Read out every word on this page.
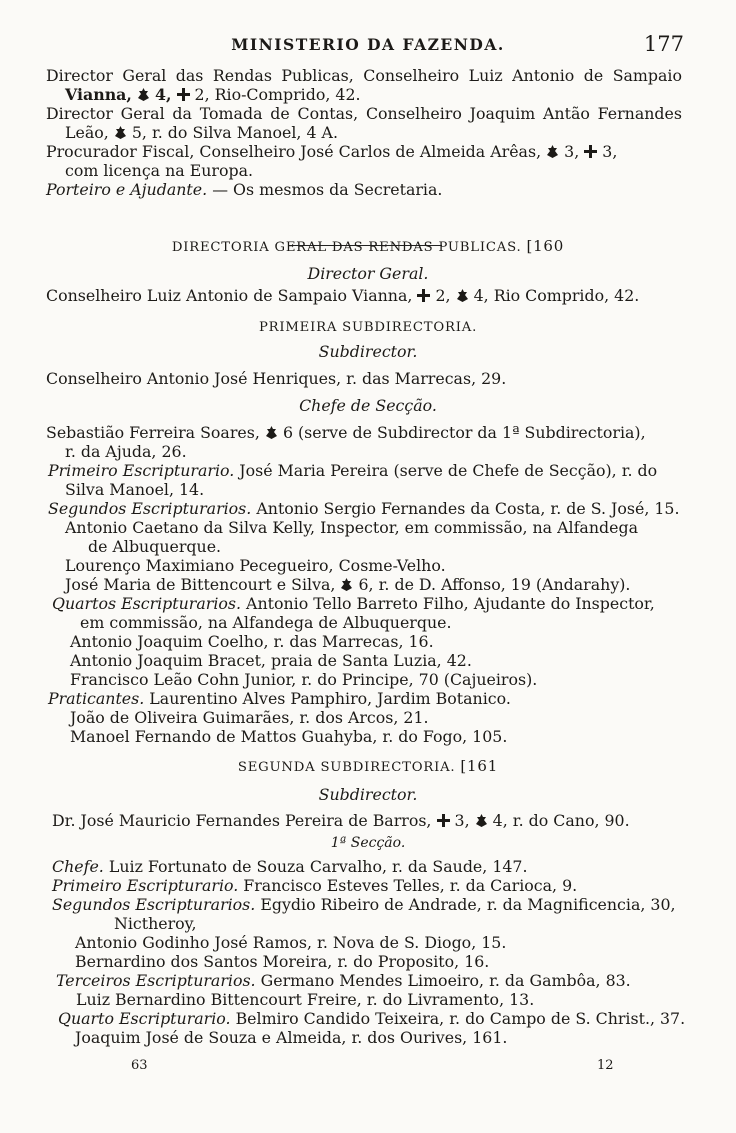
MINISTERIO DA FAZENDA.	177
Director Geral das Rendas Publicas, Conselheiro Luiz Antonio de Sampaio
Vianna, 4, 2, Rio-Comprido, 42.
Director Geral da Tomada de Contas, Conselheiro Joaquim Antão Fernandes
Leão, 5, r. do Silva Manoel, 4 A.
Procurador Fiscal, Conselheiro José Carlos de Almeida Arêas, 3, 3,
com licença na Europa.
Porteiro e Ajudante. — Os mesmos da Secretaria.
DIRECTORIA GERAL DAS RENDAS PUBLICAS. [160
Director Geral.
Conselheiro Luiz Antonio de Sampaio Vianna, 2, 4, Rio Comprido, 42.
PRIMEIRA SUBDIRECTORIA.
Subdirector.
Conselheiro Antonio José Henriques, r. das Marrecas, 29.
Chefe de Secção.
Sebastião Ferreira Soares, 6 (serve de Subdirector da 1ª Subdirectoria),
r. da Ajuda, 26.
Primeiro Escripturario. José Maria Pereira (serve de Chefe de Secção), r. do
Silva Manoel, 14.
Segundos Escripturarios. Antonio Sergio Fernandes da Costa, r. de S. José, 15.
Antonio Caetano da Silva Kelly, Inspector, em commissão, na Alfandega
de Albuquerque.
Lourenço Maximiano Pecegueiro, Cosme-Velho.
José Maria de Bittencourt e Silva, 6, r. de D. Affonso, 19 (Andarahy).
Quartos Escripturarios. Antonio Tello Barreto Filho, Ajudante do Inspector,
em commissão, na Alfandega de Albuquerque.
Antonio Joaquim Coelho, r. das Marrecas, 16.
Antonio Joaquim Bracet, praia de Santa Luzia, 42.
Francisco Leão Cohn Junior, r. do Principe, 70 (Cajueiros).
Praticantes. Laurentino Alves Pamphiro, Jardim Botanico.
João de Oliveira Guimarães, r. dos Arcos, 21.
Manoel Fernando de Mattos Guahyba, r. do Fogo, 105.
SEGUNDA SUBDIRECTORIA. [161
Subdirector.
Dr. José Mauricio Fernandes Pereira de Barros, 3, 4, r. do Cano, 90.
1ª Secção.
Chefe. Luiz Fortunato de Souza Carvalho, r. da Saude, 147.
Primeiro Escripturario. Francisco Esteves Telles, r. da Carioca, 9.
Segundos Escripturarios. Egydio Ribeiro de Andrade, r. da Magnificencia, 30,
Nictheroy,
Antonio Godinho José Ramos, r. Nova de S. Diogo, 15.
Bernardino dos Santos Moreira, r. do Proposito, 16.
Terceiros Escripturarios. Germano Mendes Limoeiro, r. da Gambôa, 83.
Luiz Bernardino Bittencourt Freire, r. do Livramento, 13.
Quarto Escripturario. Belmiro Candido Teixeira, r. do Campo de S. Christ., 37.
Joaquim José de Souza e Almeida, r. dos Ourives, 161.
63	12
